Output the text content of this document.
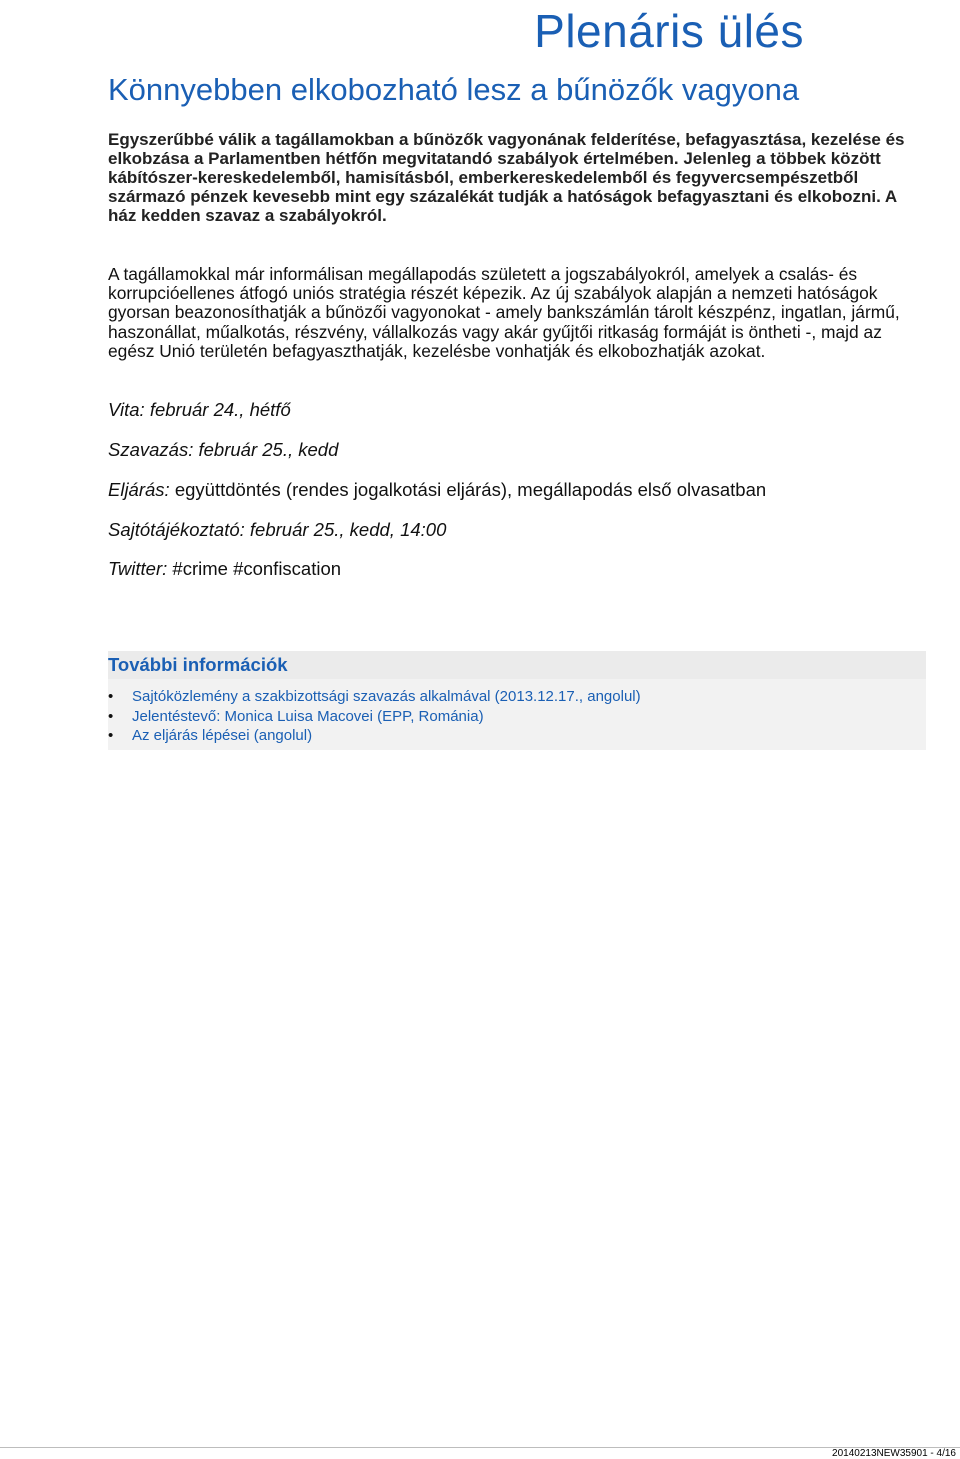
Plenáris ülés
Könnyebben elkobozható lesz a bűnözők vagyona

Egyszerűbbé válik a tagállamokban a bűnözők vagyonának felderítése, befagyasztása, kezelése és elkobzása a Parlamentben hétfőn megvitatandó szabályok értelmében. Jelenleg a többek között kábítószer-kereskedelemből, hamisításból, emberkereskedelemből és fegyvercsempészetből származó pénzek kevesebb mint egy százalékát tudják a hatóságok befagyasztani és elkobozni. A ház kedden szavaz a szabályokról.

A tagállamokkal már informálisan megállapodás született a jogszabályokról, amelyek a csalás- és korrupcióellenes átfogó uniós stratégia részét képezik. Az új szabályok alapján a nemzeti hatóságok gyorsan beazonosíthatják a bűnözői vagyonokat - amely bankszámlán tárolt készpénz, ingatlan, jármű, haszonállat, műalkotás, részvény, vállalkozás vagy akár gyűjtői ritkaság formáját is öntheti -, majd az egész Unió területén befagyaszthatják, kezelésbe vonhatják és elkobozhatják azokat.

Vita: február 24., hétfő

Szavazás: február 25., kedd

Eljárás: együttdöntés (rendes jogalkotási eljárás), megállapodás első olvasatban

Sajtótájékoztató: február 25., kedd, 14:00

Twitter: #crime #confiscation

További információk
• Sajtóközlemény a szakbizottsági szavazás alkalmával (2013.12.17., angolul)
• Jelentéstevő: Monica Luisa Macovei (EPP, Románia)
• Az eljárás lépései (angolul)
20140213NEW35901 - 4/16
